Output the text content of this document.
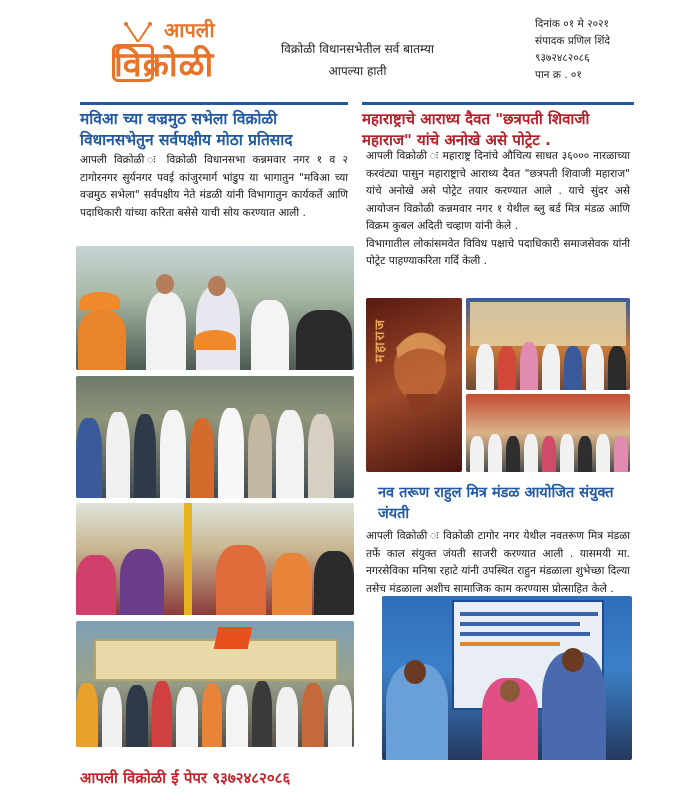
आपली
विक्रोळी	विक्रोळी विधानसभेतील सर्व बातम्या
आपल्या हाती
दिनांक ०१ मे २०२१
संपादक प्रणिल शिंदे
९३७२४८२०८६
पान क्र . ०१
मविआ च्या वज्रमुठ सभेला विक्रोळी विधानसभेतुन सर्वपक्षीय मोठा प्रतिसाद
आपली विक्रोळी ः विक्रोळी विधानसभा कन्नमवार नगर १ व २ टागोरनगर सुर्यनगर पवई कांजुरमार्ग भांडुप या भागातुन "मविआ च्या वज्रमुठ सभेला" सर्वपक्षीय नेते मंडळी यांनी विभागातुन कार्यकर्ते आणि पदाधिकारी यांच्या करिता बसेसे याची सोय करण्यात आली .
महाराष्ट्राचे आराध्य दैवत "छत्रपती शिवाजी महाराज" यांचे अनोखे असे पोट्रेट .
आपली विक्रोळी ः महाराष्ट्र दिनांचे औचित्य साधत ३६००० नारळाच्या करवंट्या पासुन महाराष्ट्राचे आराध्य दैवत "छत्रपती शिवाजी महाराज" यांचे अनोखे असे पोट्रेट तयार करण्यात आले . याचे सुंदर असे आयोजन विक्रोळी कन्नमवार नगर १ येथील ब्लु बर्ड मित्र मंडळ आणि विक्रम कुबल अदिती चव्हाण यांनी केले .
विभागातील लोकांसमवेत विविध पक्षाचे पदाधिकारी समाजसेवक यांनी पोट्रेट पाहण्याकरिता गर्दि केली .
महाराज
नव तरूण राहुल मित्र मंडळ आयोजित संयुक्त जंयती
आपली विक्रोळी ः विक्रोळी टागोर नगर येथील नवतरूण मित्र मंडळा तर्फे काल संयुक्त जंयती साजरी करण्यात आली . यासमयी मा. नगरसेविका मनिषा रहाटे यांनी उपस्थित राहुन मंडळाला शुभेच्छा दिल्या तसेच मंडळाला अशीच सामाजिक काम करण्यास प्रोत्साहित केले .
आपली विक्रोळी ई पेपर ९३७२४८२०८६
